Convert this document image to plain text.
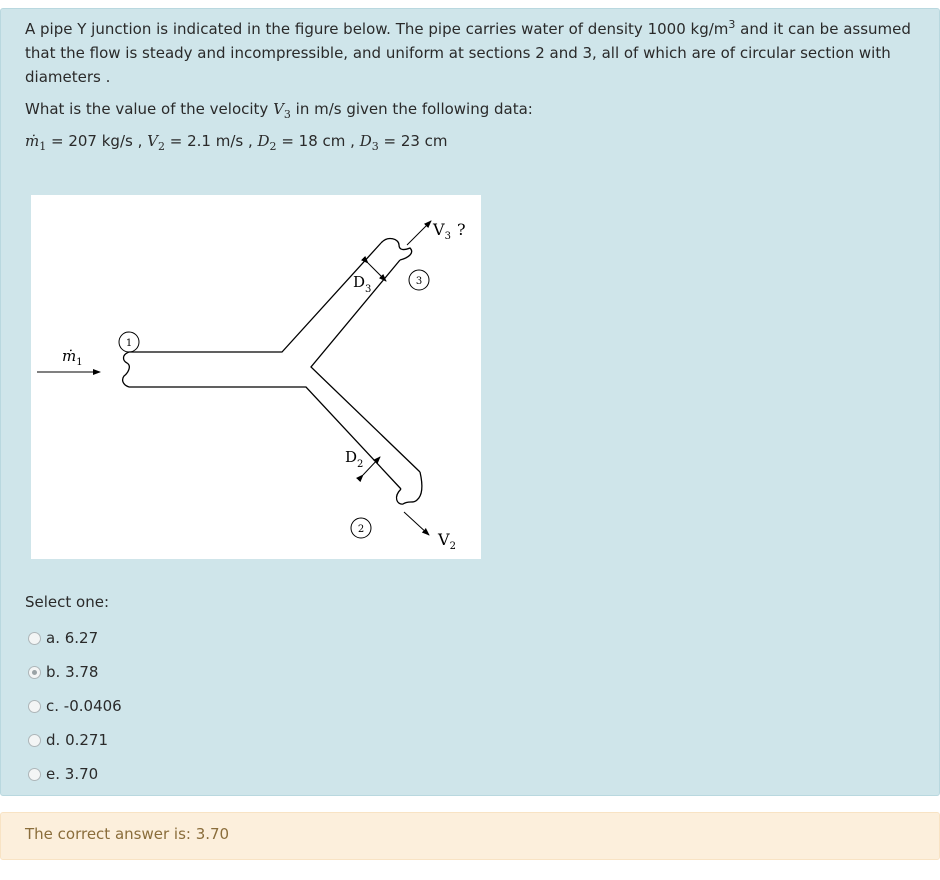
A pipe Y junction is indicated in the figure below. The pipe carries water of density 1000 $kg/m^3$ and it can be assumed that the flow is steady and incompressible, and uniform at sections 2 and 3, all of which are of circular section with diameters .

What is the value of the velocity $V_3$ in m/s given the following data:

ṁ$_1$ = 207 kg/s , $V_2 = 2.1$ m/s , $D_2 = 18$ cm , $D_3 = 23$ cm

$D_3$
$D_2$
$V_3$ ?
$V_2$
ṁ$_1$
1
3
2
Select one:
a.
6.27
b.
3.78
c.
-0.0406
d.
0.271
e.
3.70
The correct answer is: 3.70
